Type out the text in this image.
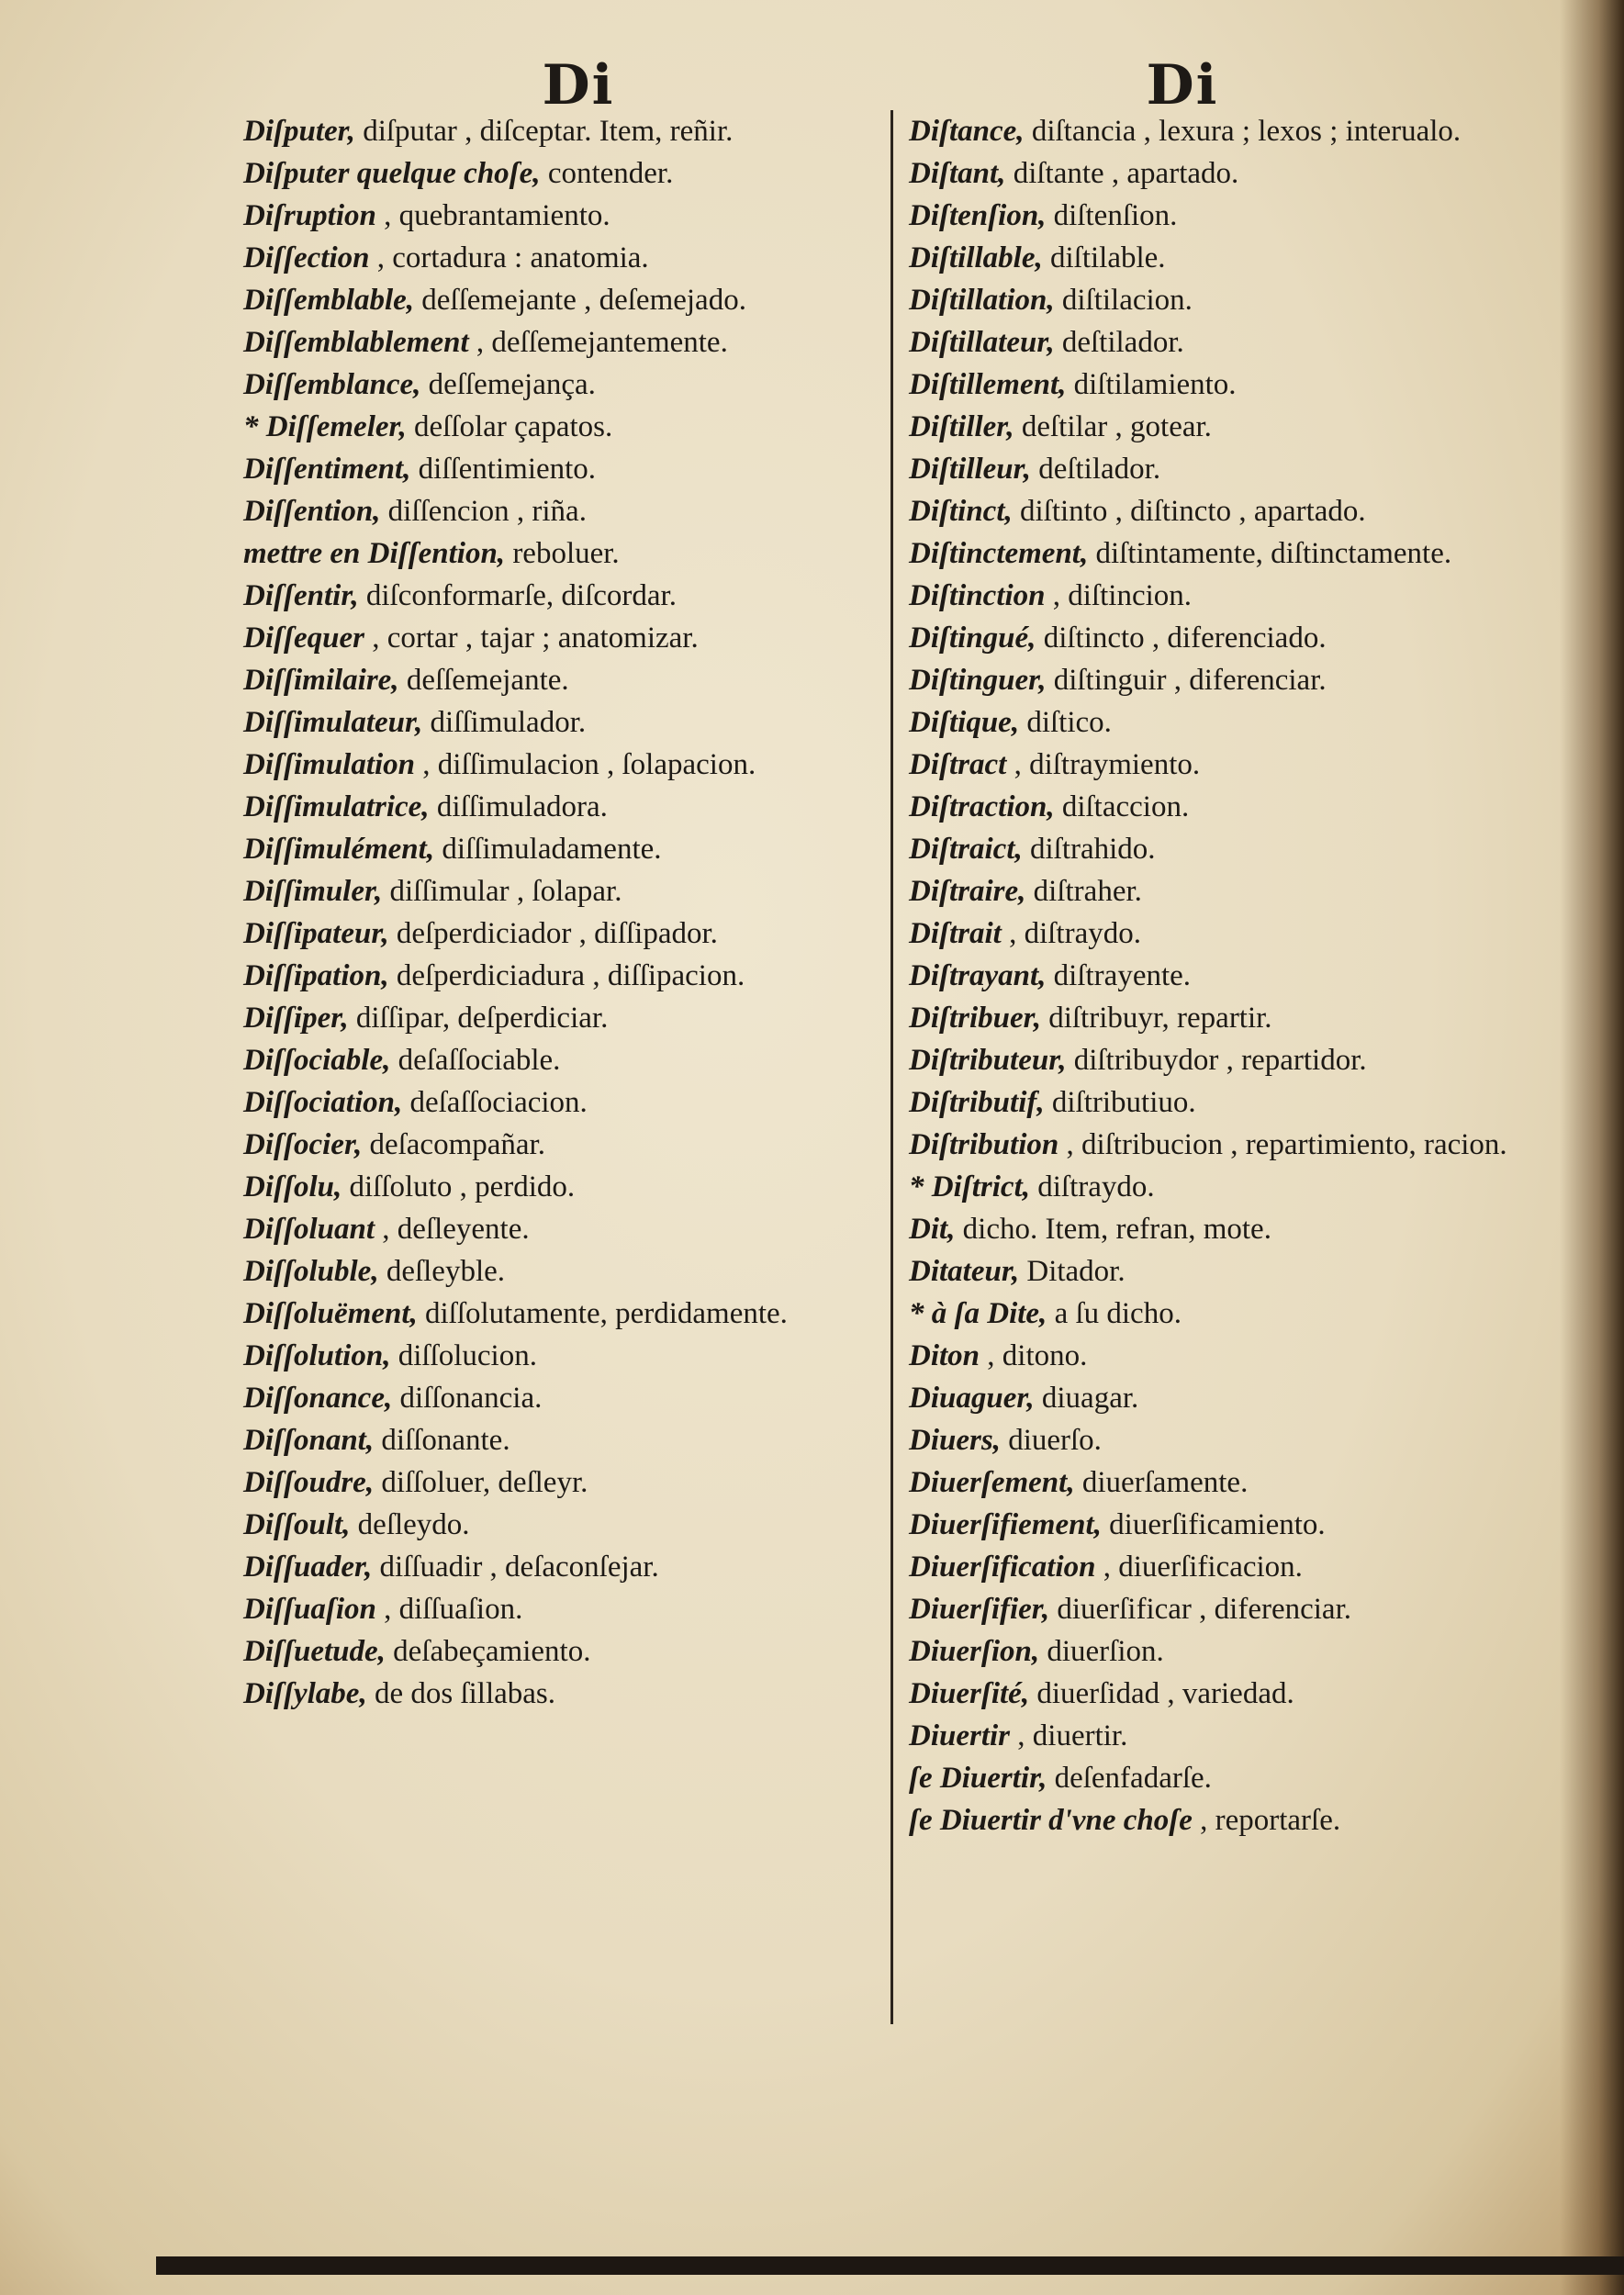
Di	Di
Diſputer, diſputar , diſceptar. Item, reñir.
Diſputer quelque choſe, contender.
Diſruption , quebrantamiento.
Diſſection , cortadura : anatomia.
Diſſemblable, deſſemejante , deſemejado.
Diſſemblablement , deſſemejantemente.
Diſſemblance, deſſemejança.
* Diſſemeler, deſſolar çapatos.
Diſſentiment, diſſentimiento.
Diſſention, diſſencion , riña.
mettre en Diſſention, reboluer.
Diſſentir, diſconformarſe, diſcordar.
Diſſequer , cortar , tajar ; anatomizar.
Diſſimilaire, deſſemejante.
Diſſimulateur, diſſimulador.
Diſſimulation , diſſimulacion , ſolapacion.
Diſſimulatrice, diſſimuladora.
Diſſimulément, diſſimuladamente.
Diſſimuler, diſſimular , ſolapar.
Diſſipateur, deſperdiciador , diſſipador.
Diſſipation, deſperdiciadura , diſſipacion.
Diſſiper, diſſipar, deſperdiciar.
Diſſociable, deſaſſociable.
Diſſociation, deſaſſociacion.
Diſſocier, deſacompañar.
Diſſolu, diſſoluto , perdido.
Diſſoluant , deſleyente.
Diſſoluble, deſleyble.
Diſſoluëment, diſſolutamente, perdidamente.
Diſſolution, diſſolucion.
Diſſonance, diſſonancia.
Diſſonant, diſſonante.
Diſſoudre, diſſoluer, deſleyr.
Diſſoult, deſleydo.
Diſſuader, diſſuadir , deſaconſejar.
Diſſuaſion , diſſuaſion.
Diſſuetude, deſabeçamiento.
Diſſylabe, de dos ſillabas.
Diſtance, diſtancia , lexura ; lexos ; interualo.
Diſtant, diſtante , apartado.
Diſtenſion, diſtenſion.
Diſtillable, diſtilable.
Diſtillation, diſtilacion.
Diſtillateur, deſtilador.
Diſtillement, diſtilamiento.
Diſtiller, deſtilar , gotear.
Diſtilleur, deſtilador.
Diſtinct, diſtinto , diſtincto , apartado.
Diſtinctement, diſtintamente, diſtinctamente.
Diſtinction , diſtincion.
Diſtingué, diſtincto , diferenciado.
Diſtinguer, diſtinguir , diferenciar.
Diſtique, diſtico.
Diſtract , diſtraymiento.
Diſtraction, diſtaccion.
Diſtraict, diſtrahido.
Diſtraire, diſtraher.
Diſtrait , diſtraydo.
Diſtrayant, diſtrayente.
Diſtribuer, diſtribuyr, repartir.
Diſtributeur, diſtribuydor , repartidor.
Diſtributif, diſtributiuo.
Diſtribution , diſtribucion , repartimiento, racion.
* Diſtrict, diſtraydo.
Dit, dicho. Item, refran, mote.
Ditateur, Ditador.
* à ſa Dite, a ſu dicho.
Diton , ditono.
Diuaguer, diuagar.
Diuers, diuerſo.
Diuerſement, diuerſamente.
Diuerſifiement, diuerſificamiento.
Diuerſification , diuerſificacion.
Diuerſifier, diuerſificar , diferenciar.
Diuerſion, diuerſion.
Diuerſité, diuerſidad , variedad.
Diuertir , diuertir.
ſe Diuertir, deſenfadarſe.
ſe Diuertir d'vne choſe , reportarſe.
